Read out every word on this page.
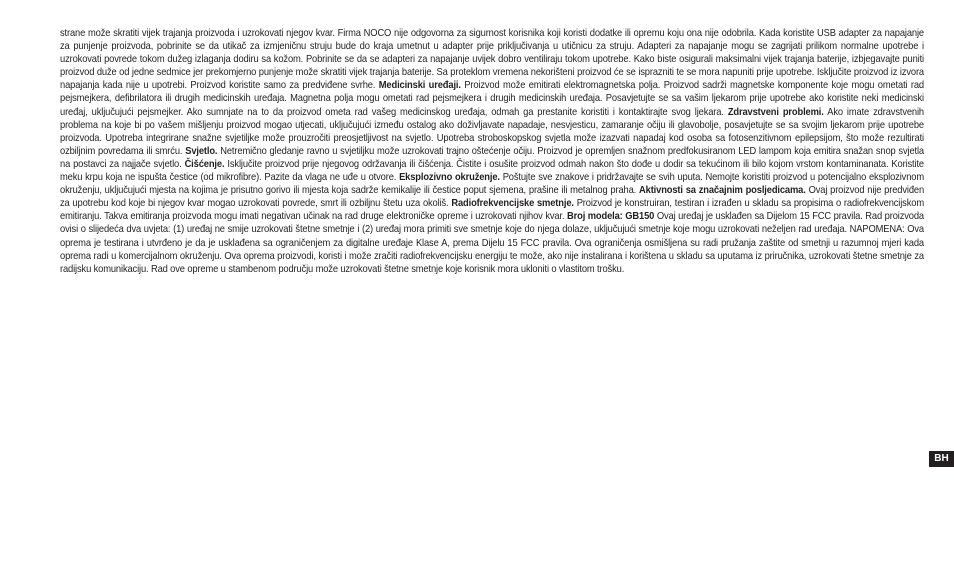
strane može skratiti vijek trajanja proizvoda i uzrokovati njegov kvar. Firma NOCO nije odgovorna za sigurnost korisnika koji koristi dodatke ili opremu koju ona nije odobrila. Kada koristite USB adapter za napajanje za punjenje proizvoda, pobrinite se da utikač za izmjeničnu struju bude do kraja umetnut u adapter prije priključivanja u utičnicu za struju. Adapteri za napajanje mogu se zagrijati prilikom normalne upotrebe i uzrokovati povrede tokom dužeg izlaganja dodiru sa kožom. Pobrinite se da se adapteri za napajanje uvijek dobro ventiliraju tokom upotrebe. Kako biste osigurali maksimalni vijek trajanja baterije, izbjegavajte puniti proizvod duže od jedne sedmice jer prekomjerno punjenje može skratiti vijek trajanja baterije. Sa proteklom vremena nekorišteni proizvod će se isprazniti te se mora napuniti prije upotrebe. Isključite proizvod iz izvora napajanja kada nije u upotrebi. Proizvod koristite samo za predviđene svrhe. Medicinski uređaji. Proizvod može emitirati elektromagnetska polja. Proizvod sadrži magnetske komponente koje mogu ometati rad pejsmejkera, defibrilatora ili drugih medicinskih uređaja. Magnetna polja mogu ometati rad pejsmejkera i drugih medicinskih uređaja. Posavjetujte se sa vašim ljekarom prije upotrebe ako koristite neki medicinski uređaj, uključujući pejsmejker. Ako sumnjate na to da proizvod ometa rad vašeg medicinskog uređaja, odmah ga prestanite koristiti i kontaktirajte svog ljekara. Zdravstveni problemi. Ako imate zdravstvenih problema na koje bi po vašem mišljenju proizvod mogao utjecati, uključujući između ostalog ako doživljavate napadaje, nesvjesticu, zamaranje očiju ili glavobolje, posavjetujte se sa svojim ljekarom prije upotrebe proizvoda. Upotreba integrirane snažne svjetiljke može prouzročiti preosjetljivost na svjetlo. Upotreba stroboskopskog svjetla može izazvati napadaj kod osoba sa fotosenzitivnom epilepsijom, što može rezultirati ozbiljnim povredama ili smrću. Svjetlo. Netremično gledanje ravno u svjetiljku može uzrokovati trajno oštećenje očiju. Proizvod je opremljen snažnom predfokusiranom LED lampom koja emitira snažan snop svjetla na postavci za najjače svjetlo. Čišćenje. Isključite proizvod prije njegovog održavanja ili čišćenja. Čistite i osušite proizvod odmah nakon što dođe u dodir sa tekućinom ili bilo kojom vrstom kontaminanata. Koristite meku krpu koja ne ispušta čestice (od mikrofibre). Pazite da vlaga ne uđe u otvore. Eksplozivno okruženje. Poštujte sve znakove i pridržavajte se svih uputa. Nemojte koristiti proizvod u potencijalno eksplozivnom okruženju, uključujući mjesta na kojima je prisutno gorivo ili mjesta koja sadrže kemikalije ili čestice poput sjemena, prašine ili metalnog praha. Aktivnosti sa značajnim posljedicama. Ovaj proizvod nije predviđen za upotrebu kod koje bi njegov kvar mogao uzrokovati povrede, smrt ili ozbiljnu štetu uza okoliš. Radiofrekvencijske smetnje. Proizvod je konstruiran, testiran i izrađen u skladu sa propisima o radiofrekvencijskom emitiranju. Takva emitiranja proizvoda mogu imati negativan učinak na rad druge elektroničke opreme i uzrokovati njihov kvar. Broj modela: GB150 Ovaj uređaj je usklađen sa Dijelom 15 FCC pravila. Rad proizvoda ovisi o slijedeća dva uvjeta: (1) uređaj ne smije uzrokovati štetne smetnje i (2) uređaj mora primiti sve smetnje koje do njega dolaze, uključujući smetnje koje mogu uzrokovati neželjen rad uređaja. NAPOMENA: Ova oprema je testirana i utvrđeno je da je usklađena sa ograničenjem za digitalne uređaje Klase A, prema Dijelu 15 FCC pravila. Ova ograničenja osmišljena su radi pružanja zaštite od smetnji u razumnoj mjeri kada oprema radi u komercijalnom okruženju. Ova oprema proizvodi, koristi i može zračiti radiofrekvencijsku energiju te može, ako nije instalirana i korištena u skladu sa uputama iz priručnika, uzrokovati štetne smetnje za radijsku komunikaciju. Rad ove opreme u stambenom području može uzrokovati štetne smetnje koje korisnik mora ukloniti o vlastitom trošku.

BH
